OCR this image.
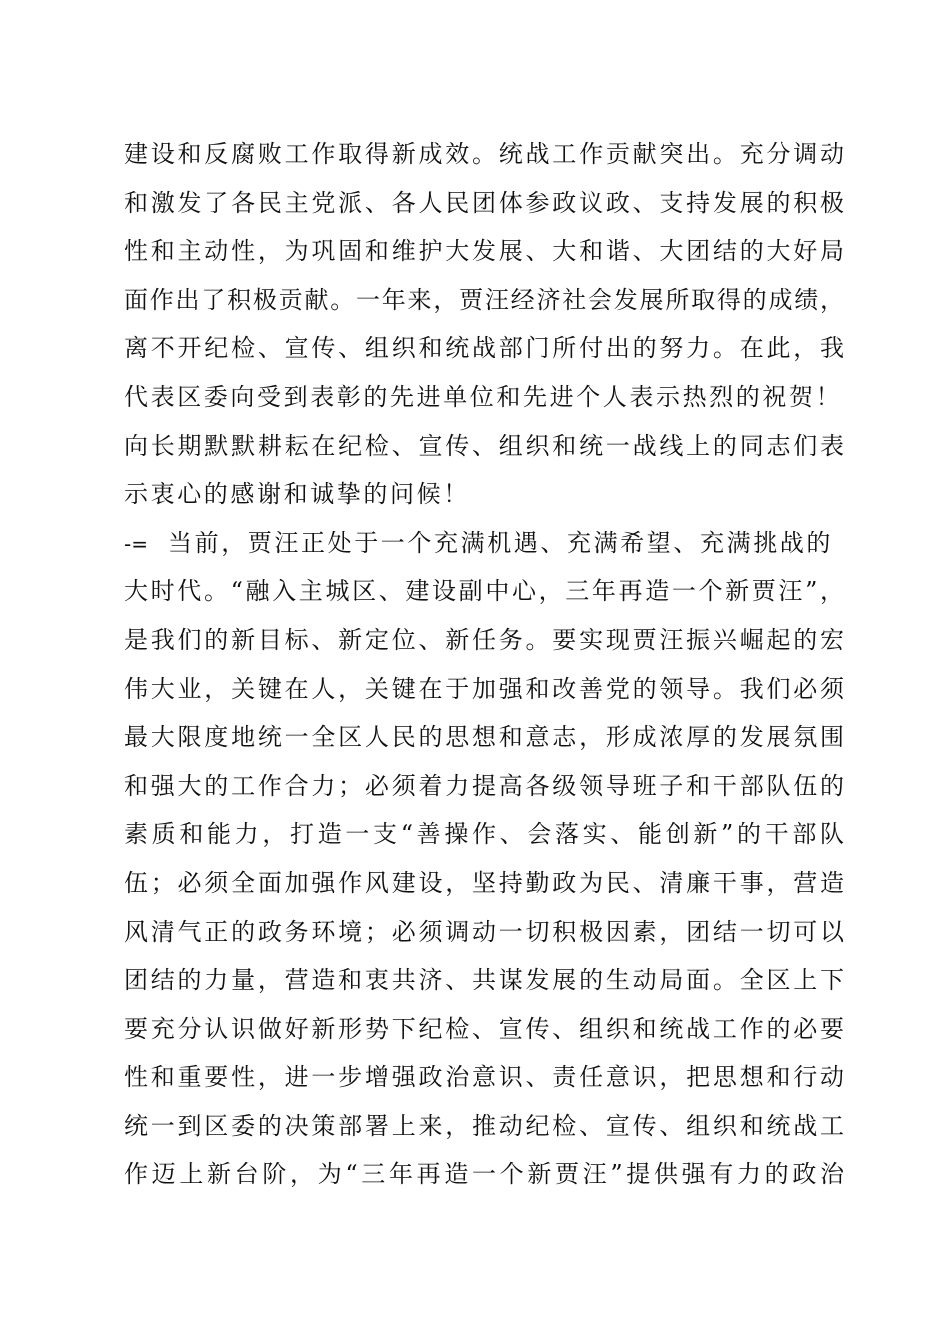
建设和反腐败工作取得新成效。统战工作贡献突出。充分调动
和激发了各民主党派、各人民团体参政议政、支持发展的积极
性和主动性，为巩固和维护大发展、大和谐、大团结的大好局
面作出了积极贡献。一年来，贾汪经济社会发展所取得的成绩，
离不开纪检、宣传、组织和统战部门所付出的努力。在此，我
代表区委向受到表彰的先进单位和先进个人表示热烈的祝贺！
向长期默默耕耘在纪检、宣传、组织和统一战线上的同志们表
示衷心的感谢和诚挚的问候！
-= 当前，贾汪正处于一个充满机遇、充满希望、充满挑战的
大时代。“融入主城区、建设副中心，三年再造一个新贾汪”，
是我们的新目标、新定位、新任务。要实现贾汪振兴崛起的宏
伟大业，关键在人，关键在于加强和改善党的领导。我们必须
最大限度地统一全区人民的思想和意志，形成浓厚的发展氛围
和强大的工作合力；必须着力提高各级领导班子和干部队伍的
素质和能力，打造一支“善操作、会落实、能创新”的干部队
伍；必须全面加强作风建设，坚持勤政为民、清廉干事，营造
风清气正的政务环境；必须调动一切积极因素，团结一切可以
团结的力量，营造和衷共济、共谋发展的生动局面。全区上下
要充分认识做好新形势下纪检、宣传、组织和统战工作的必要
性和重要性，进一步增强政治意识、责任意识，把思想和行动
统一到区委的决策部署上来，推动纪检、宣传、组织和统战工
作迈上新台阶，为“三年再造一个新贾汪”提供强有力的政治
